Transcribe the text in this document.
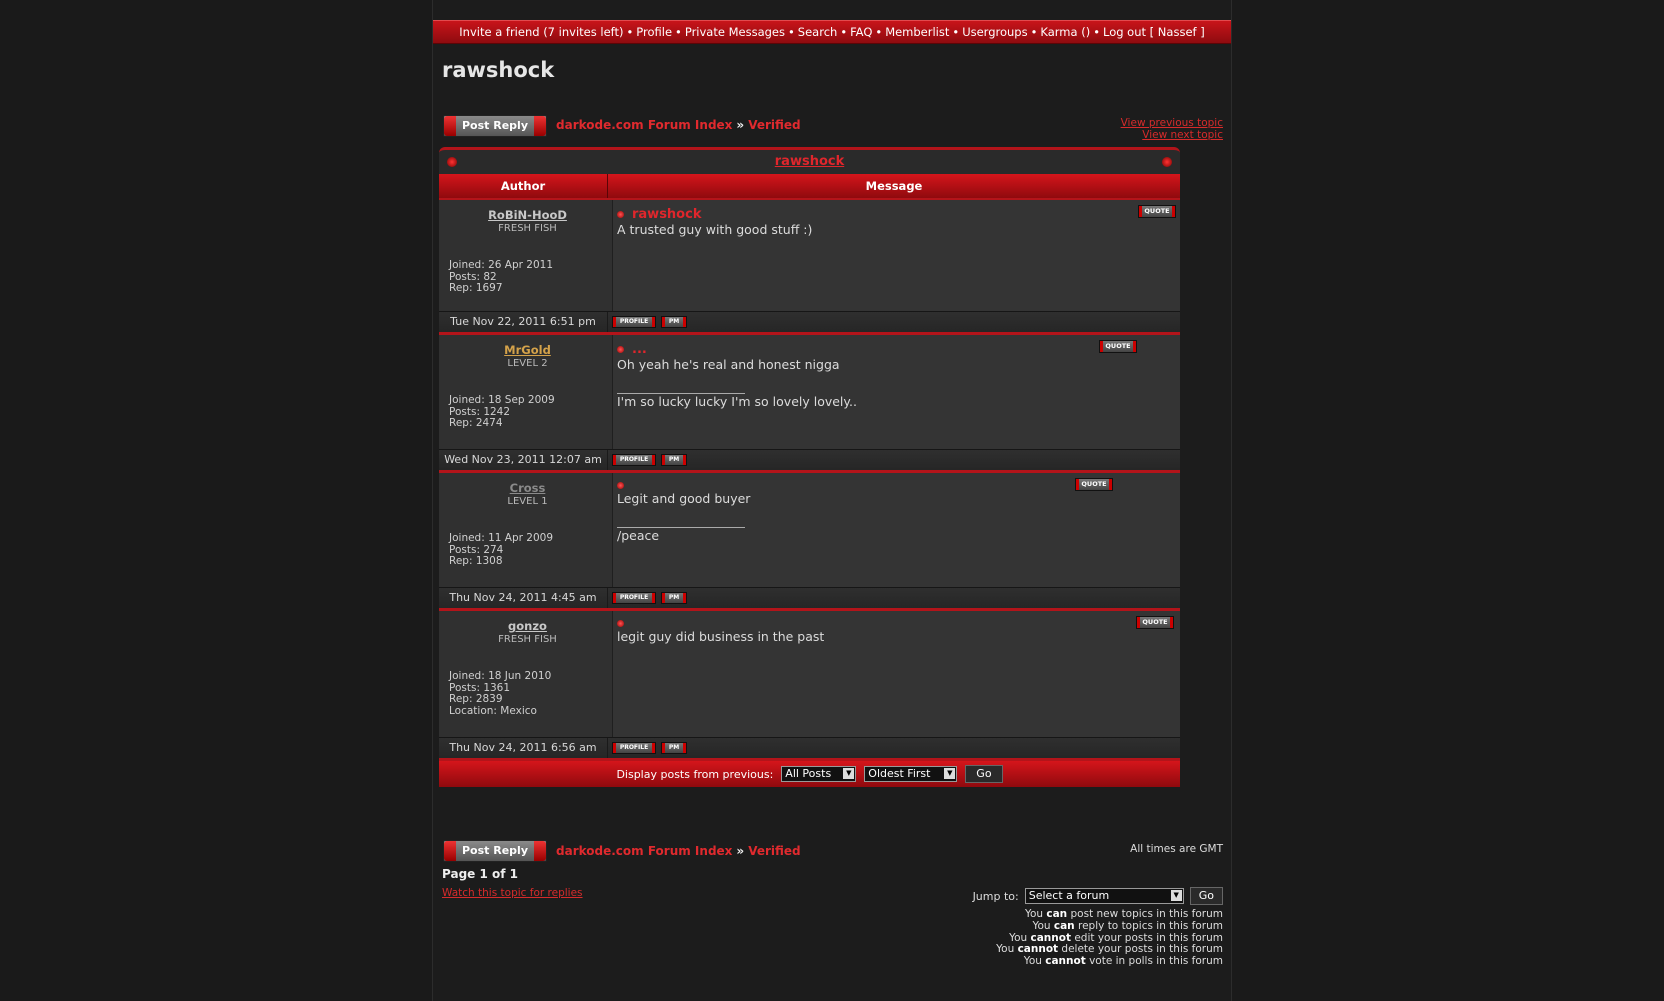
Invite a friend (7 invites left) • Profile • Private Messages • Search • FAQ • Memberlist • Usergroups • Karma () • Log out [ Nassef ]
rawshock
Post Reply	darkode.com Forum Index » Verified	View previous topic
View next topic
rawshock
Author	Message
RoBiN-HooD
FRESH FISH
Joined: 26 Apr 2011
Posts: 82
Rep: 1697
rawshock
A trusted guy with good stuff :)
QUOTE
Tue Nov 22, 2011 6:51 pm	PROFILE	PM
MrGold
LEVEL 2
Joined: 18 Sep 2009
Posts: 1242
Rep: 2474
...
Oh yeah he's real and honest nigga
I'm so lucky lucky I'm so lovely lovely..
QUOTE
Wed Nov 23, 2011 12:07 am	PROFILE	PM
Cross
LEVEL 1
Joined: 11 Apr 2009
Posts: 274
Rep: 1308
Legit and good buyer
/peace
QUOTE
Thu Nov 24, 2011 4:45 am	PROFILE	PM
gonzo
FRESH FISH
Joined: 18 Jun 2010
Posts: 1361
Rep: 2839
Location: Mexico
legit guy did business in the past
QUOTE
Thu Nov 24, 2011 6:56 am	PROFILE	PM
Display posts from previous:	All Posts	▼	Oldest First	▼	Go
Post Reply	darkode.com Forum Index » Verified	All times are GMT
Page 1 of 1
Watch this topic for replies	Jump to: Select a forum	▼	Go
You can post new topics in this forum
You can reply to topics in this forum
You cannot edit your posts in this forum
You cannot delete your posts in this forum
You cannot vote in polls in this forum
